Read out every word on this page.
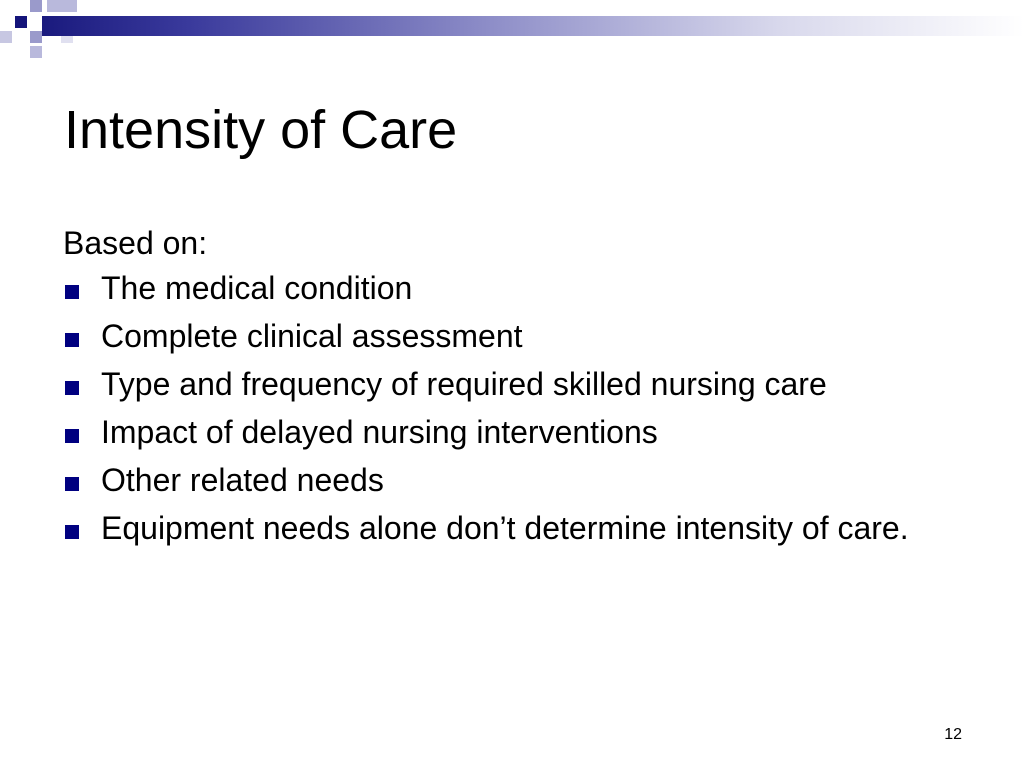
Intensity of Care

Based on:

The medical condition
Complete clinical assessment
Type and frequency of required skilled nursing care
Impact of delayed nursing interventions
Other related needs
Equipment needs alone don’t determine intensity of care.
12
